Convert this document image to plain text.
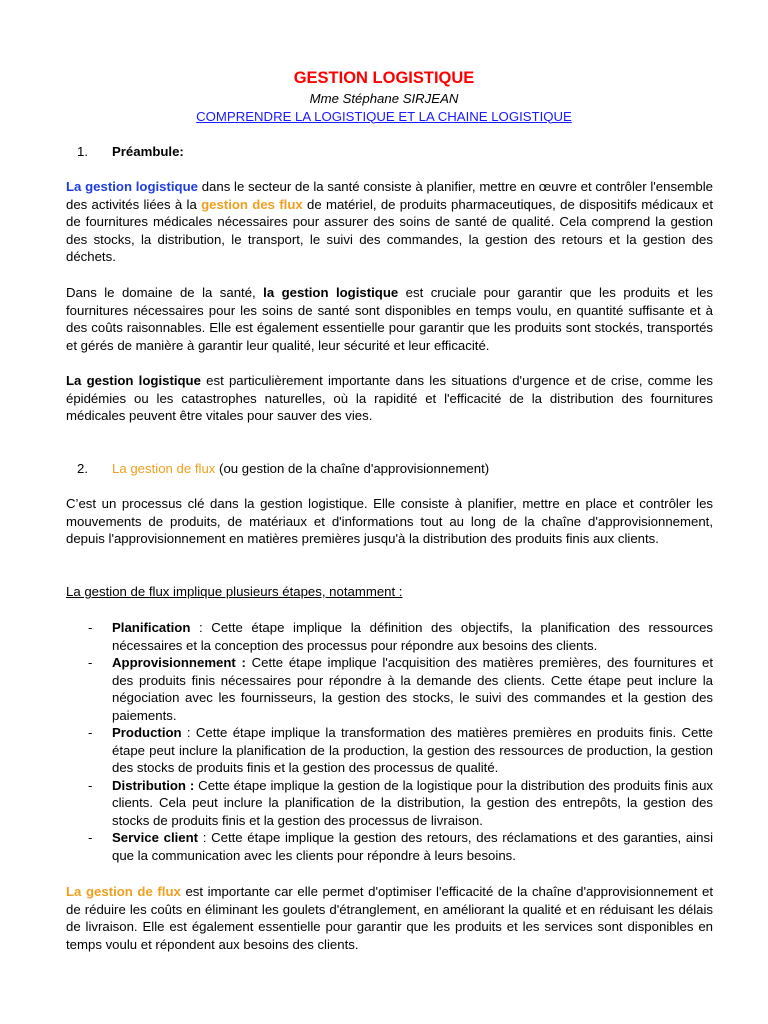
GESTION LOGISTIQUE
Mme Stéphane SIRJEAN
COMPRENDRE LA LOGISTIQUE ET LA CHAINE LOGISTIQUE
1. Préambule:
La gestion logistique dans le secteur de la santé consiste à planifier, mettre en œuvre et contrôler l'ensemble des activités liées à la gestion des flux de matériel, de produits pharmaceutiques, de dispositifs médicaux et de fournitures médicales nécessaires pour assurer des soins de santé de qualité. Cela comprend la gestion des stocks, la distribution, le transport, le suivi des commandes, la gestion des retours et la gestion des déchets.
Dans le domaine de la santé, la gestion logistique est cruciale pour garantir que les produits et les fournitures nécessaires pour les soins de santé sont disponibles en temps voulu, en quantité suffisante et à des coûts raisonnables. Elle est également essentielle pour garantir que les produits sont stockés, transportés et gérés de manière à garantir leur qualité, leur sécurité et leur efficacité.
La gestion logistique est particulièrement importante dans les situations d'urgence et de crise, comme les épidémies ou les catastrophes naturelles, où la rapidité et l'efficacité de la distribution des fournitures médicales peuvent être vitales pour sauver des vies.
2. La gestion de flux (ou gestion de la chaîne d'approvisionnement)
C’est un processus clé dans la gestion logistique. Elle consiste à planifier, mettre en place et contrôler les mouvements de produits, de matériaux et d'informations tout au long de la chaîne d'approvisionnement, depuis l'approvisionnement en matières premières jusqu'à la distribution des produits finis aux clients.
La gestion de flux implique plusieurs étapes, notamment :
- Planification : Cette étape implique la définition des objectifs, la planification des ressources nécessaires et la conception des processus pour répondre aux besoins des clients.
- Approvisionnement : Cette étape implique l'acquisition des matières premières, des fournitures et des produits finis nécessaires pour répondre à la demande des clients. Cette étape peut inclure la négociation avec les fournisseurs, la gestion des stocks, le suivi des commandes et la gestion des paiements.
- Production : Cette étape implique la transformation des matières premières en produits finis. Cette étape peut inclure la planification de la production, la gestion des ressources de production, la gestion des stocks de produits finis et la gestion des processus de qualité.
- Distribution : Cette étape implique la gestion de la logistique pour la distribution des produits finis aux clients. Cela peut inclure la planification de la distribution, la gestion des entrepôts, la gestion des stocks de produits finis et la gestion des processus de livraison.
- Service client : Cette étape implique la gestion des retours, des réclamations et des garanties, ainsi que la communication avec les clients pour répondre à leurs besoins.
La gestion de flux est importante car elle permet d'optimiser l'efficacité de la chaîne d'approvisionnement et de réduire les coûts en éliminant les goulets d'étranglement, en améliorant la qualité et en réduisant les délais de livraison. Elle est également essentielle pour garantir que les produits et les services sont disponibles en temps voulu et répondent aux besoins des clients.
